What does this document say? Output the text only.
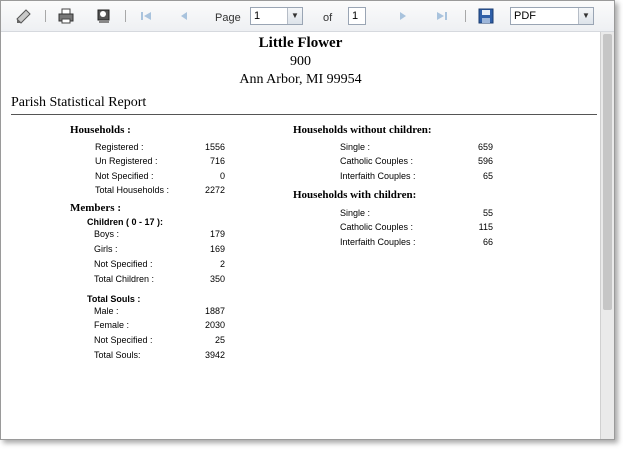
Page	1	▼ of	1	PDF	▼
Little Flower
900
Ann Arbor, MI 99954
Parish Statistical Report
Households :
Registered :	1556
Un Registered :	716
Not Specified :	0
Total Households :	2272
Members :
Children ( 0 - 17 ):
Boys :	179
Girls :	169
Not Specified :	2
Total Children :	350
Total Souls :
Male :	1887
Female :	2030
Not Specified :	25
Total Souls:	3942
Households without children:
Single :	659
Catholic Couples :	596
Interfaith Couples :	65
Households with children:
Single :	55
Catholic Couples :	115
Interfaith Couples :	66
